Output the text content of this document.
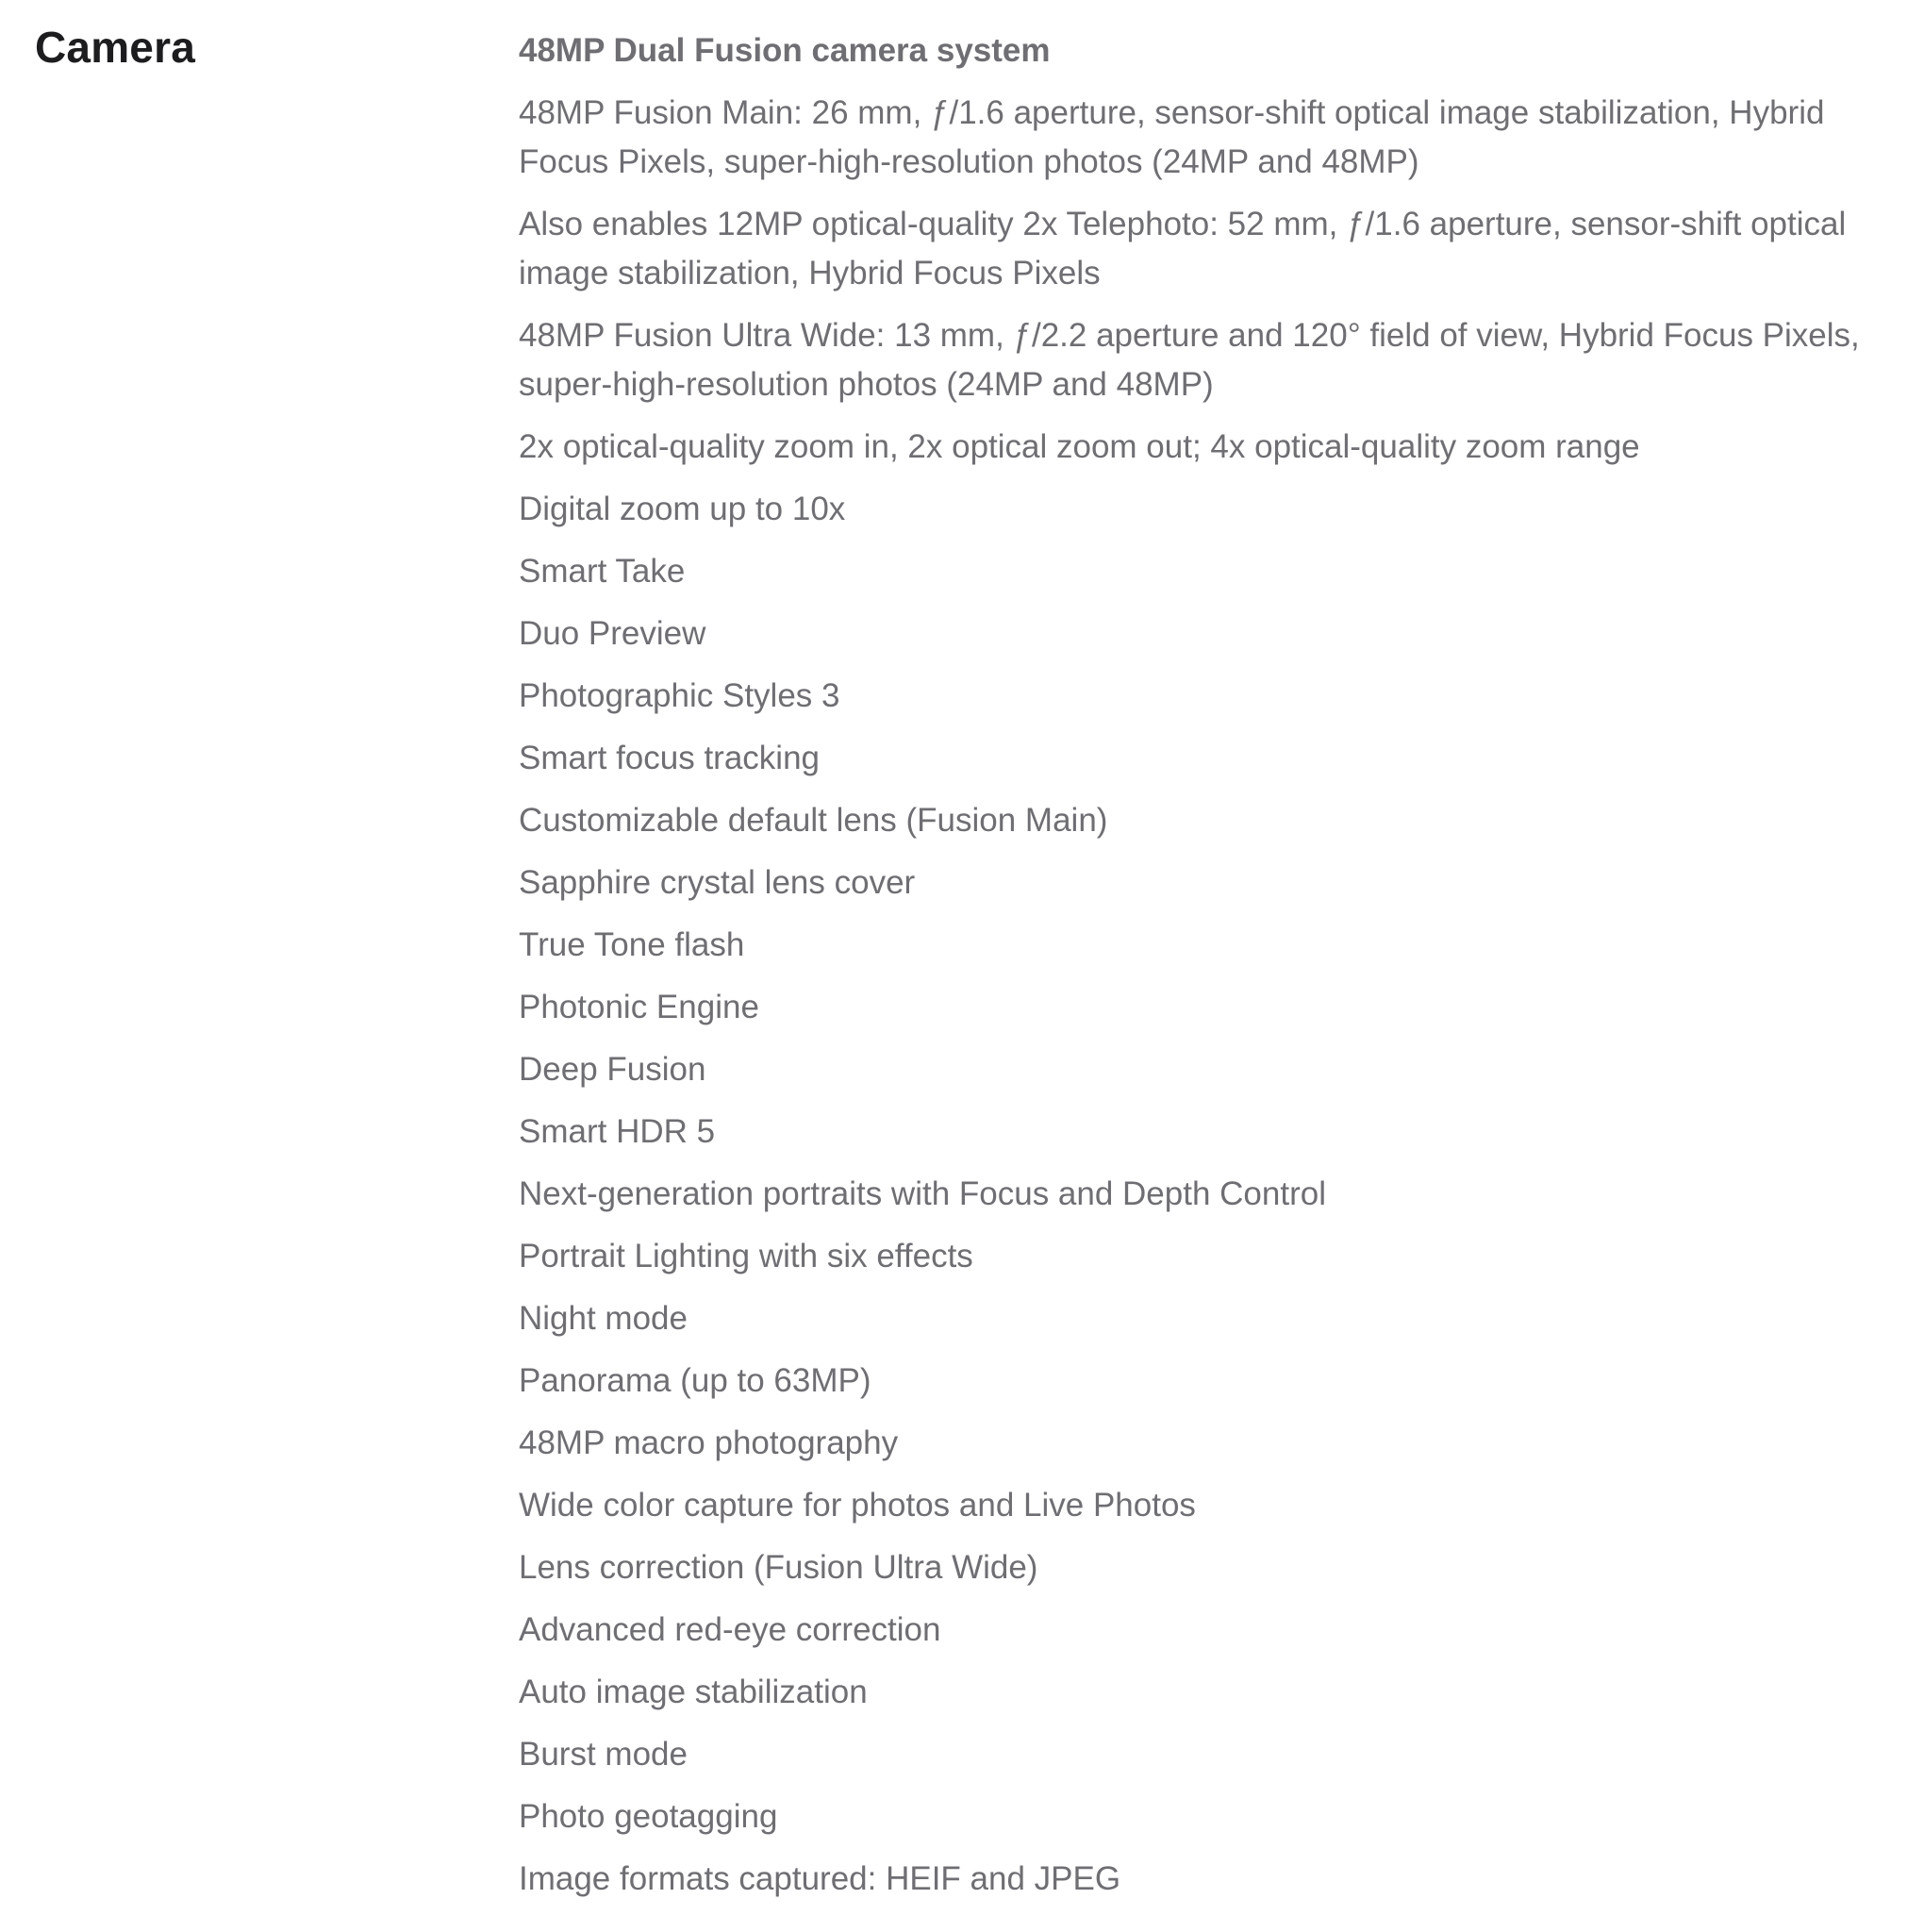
Camera	48MP Dual Fusion camera system
48MP Fusion Main: 26 mm, ƒ/1.6 aperture, sensor-shift optical image stabilization, Hybrid Focus Pixels, super-high-resolution photos (24MP and 48MP)
Also enables 12MP optical-quality 2x Telephoto: 52 mm, ƒ/1.6 aperture, sensor-shift optical image stabilization, Hybrid Focus Pixels
48MP Fusion Ultra Wide: 13 mm, ƒ/2.2 aperture and 120° field of view, Hybrid Focus Pixels, super-high-resolution photos (24MP and 48MP)
2x optical-quality zoom in, 2x optical zoom out; 4x optical-quality zoom range
Digital zoom up to 10x
Smart Take
Duo Preview
Photographic Styles 3
Smart focus tracking
Customizable default lens (Fusion Main)
Sapphire crystal lens cover
True Tone flash
Photonic Engine
Deep Fusion
Smart HDR 5
Next-generation portraits with Focus and Depth Control
Portrait Lighting with six effects
Night mode
Panorama (up to 63MP)
48MP macro photography
Wide color capture for photos and Live Photos
Lens correction (Fusion Ultra Wide)
Advanced red-eye correction
Auto image stabilization
Burst mode
Photo geotagging
Image formats captured: HEIF and JPEG
